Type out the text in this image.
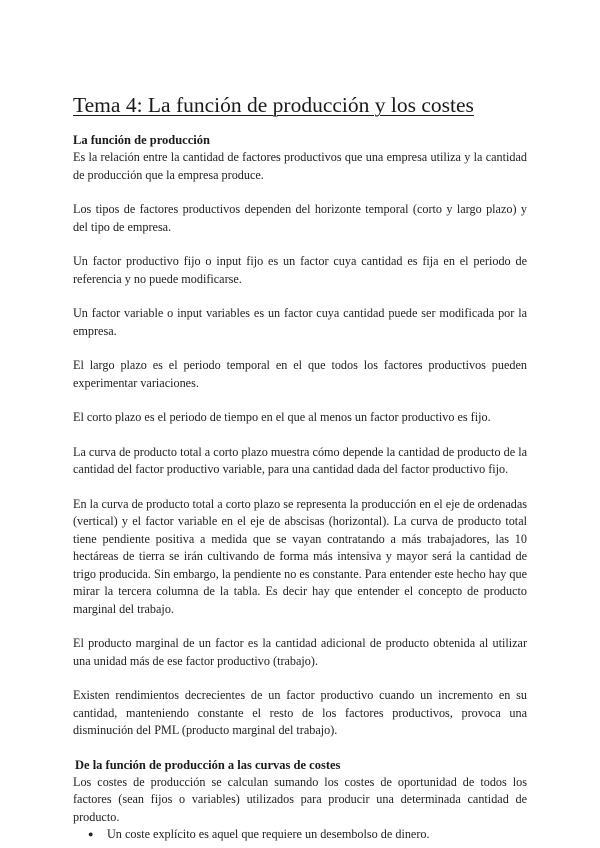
Tema 4: La función de producción y los costes
La función de producción

Es la relación entre la cantidad de factores productivos que una empresa utiliza y la cantidad de producción que la empresa produce.

Los tipos de factores productivos dependen del horizonte temporal (corto y largo plazo) y del tipo de empresa.

Un factor productivo fijo o input fijo es un factor cuya cantidad es fija en el periodo de referencia y no puede modificarse.

Un factor variable o input variables es un factor cuya cantidad puede ser modificada por la empresa.

El largo plazo es el periodo temporal en el que todos los factores productivos pueden experimentar variaciones.

El corto plazo es el periodo de tiempo en el que al menos un factor productivo es fijo.

La curva de producto total a corto plazo muestra cómo depende la cantidad de producto de la cantidad del factor productivo variable, para una cantidad dada del factor productivo fijo.

En la curva de producto total a corto plazo se representa la producción en el eje de ordenadas (vertical) y el factor variable en el eje de abscisas (horizontal). La curva de producto total tiene pendiente positiva a medida que se vayan contratando a más trabajadores, las 10 hectáreas de tierra se irán cultivando de forma más intensiva y mayor será la cantidad de trigo producida. Sin embargo, la pendiente no es constante. Para entender este hecho hay que mirar la tercera columna de la tabla. Es decir hay que entender el concepto de producto marginal del trabajo.

El producto marginal de un factor es la cantidad adicional de producto obtenida al utilizar una unidad más de ese factor productivo (trabajo).

Existen rendimientos decrecientes de un factor productivo cuando un incremento en su cantidad, manteniendo constante el resto de los factores productivos, provoca una disminución del PML (producto marginal del trabajo).

De la función de producción a las curvas de costes

Los costes de producción se calculan sumando los costes de oportunidad de todos los factores (sean fijos o variables) utilizados para producir una determinada cantidad de producto.

● Un coste explícito es aquel que requiere un desembolso de dinero.
